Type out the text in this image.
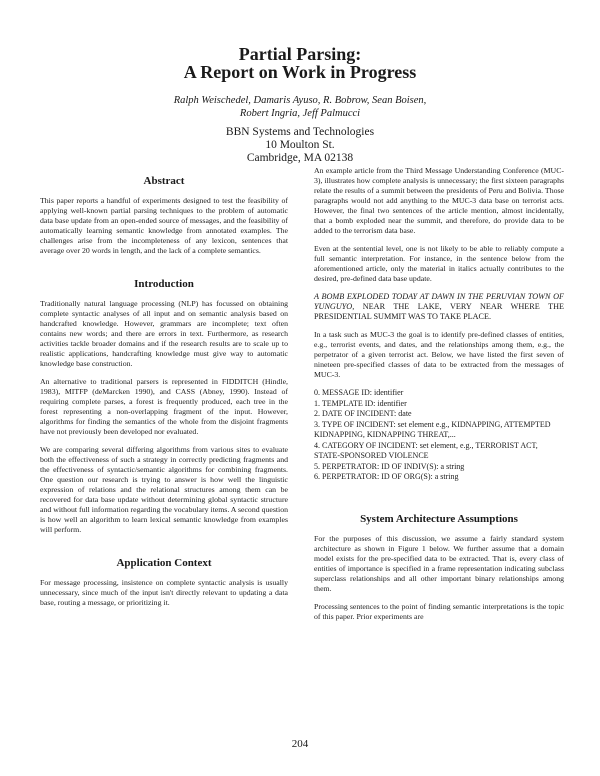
Partial Parsing:
A Report on Work in Progress
Ralph Weischedel, Damaris Ayuso, R. Bobrow, Sean Boisen,
Robert Ingria, Jeff Palmucci
BBN Systems and Technologies
10 Moulton St.
Cambridge, MA 02138
Abstract

This paper reports a handful of experiments designed to test the feasibility of applying well-known partial parsing techniques to the problem of automatic data base update from an open-ended source of messages, and the feasibility of automatically learning semantic knowledge from annotated examples. The challenges arise from the incompleteness of any lexicon, sentences that average over 20 words in length, and the lack of a complete semantics.

Introduction

Traditionally natural language processing (NLP) has focussed on obtaining complete syntactic analyses of all input and on semantic analysis based on handcrafted knowledge. However, grammars are incomplete; text often contains new words; and there are errors in text. Furthermore, as research activities tackle broader domains and if the research results are to scale up to realistic applications, handcrafting knowledge must give way to automatic knowledge base construction.

An alternative to traditional parsers is represented in FIDDITCH (Hindle, 1983), MITFP (deMarcken 1990), and CASS (Abney, 1990). Instead of requiring complete parses, a forest is frequently produced, each tree in the forest representing a non-overlapping fragment of the input. However, algorithms for finding the semantics of the whole from the disjoint fragments have not previously been developed nor evaluated.

We are comparing several differing algorithms from various sites to evaluate both the effectiveness of such a strategy in correctly predicting fragments and the effectiveness of syntactic/semantic algorithms for combining fragments. One question our research is trying to answer is how well the linguistic expression of relations and the relational structures among them can be recovered for data base update without determining global syntactic structure and without full information regarding the vocabulary items. A second question is how well an algorithm to learn lexical semantic knowledge from examples will perform.

Application Context

For message processing, insistence on complete syntactic analysis is usually unnecessary, since much of the input isn't directly relevant to updating a data base, routing a message, or prioritizing it.

An example article from the Third Message Understanding Conference (MUC-3), illustrates how complete analysis is unnecessary; the first sixteen paragraphs relate the results of a summit between the presidents of Peru and Bolivia. Those paragraphs would not add anything to the MUC-3 data base on terrorist acts. However, the final two sentences of the article mention, almost incidentally, that a bomb exploded near the summit, and therefore, do provide data to be added to the terrorism data base.

Even at the sentential level, one is not likely to be able to reliably compute a full semantic interpretation. For instance, in the sentence below from the aforementioned article, only the material in italics actually contributes to the desired, pre-defined data base update.

A BOMB EXPLODED TODAY AT DAWN IN THE PERUVIAN TOWN OF YUNGUYO, NEAR THE LAKE, VERY NEAR WHERE THE PRESIDENTIAL SUMMIT WAS TO TAKE PLACE.

In a task such as MUC-3 the goal is to identify pre-defined classes of entities, e.g., terrorist events, and dates, and the relationships among them, e.g., the perpetrator of a given terrorist act. Below, we have listed the first seven of nineteen pre-specified classes of data to be extracted from the messages of MUC-3.

0. MESSAGE ID: identifier
1. TEMPLATE ID: identifier
2. DATE OF INCIDENT: date
3. TYPE OF INCIDENT: set element e.g., KIDNAPPING, ATTEMPTED KIDNAPPING, KIDNAPPING THREAT,...
4. CATEGORY OF INCIDENT: set element, e.g., TERRORIST ACT, STATE-SPONSORED VIOLENCE
5. PERPETRATOR: ID OF INDIV(S): a string
6. PERPETRATOR: ID OF ORG(S): a string
System Architecture Assumptions

For the purposes of this discussion, we assume a fairly standard system architecture as shown in Figure 1 below. We further assume that a domain model exists for the pre-specified data to be extracted. That is, every class of entities of importance is specified in a frame representation indicating subclass superclass relationships and all other important binary relationships among them.

Processing sentences to the point of finding semantic interpretations is the topic of this paper. Prior experiments are

204
